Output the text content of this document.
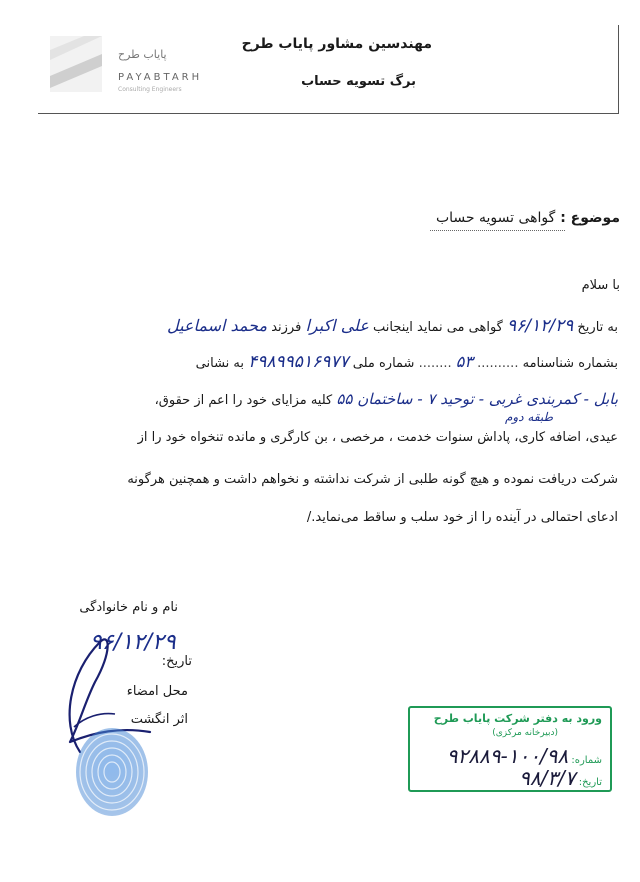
پایاب طرح
PAYABTARH
Consulting Engineers
مهندسین مشاور پایاب طرح
برگ تسویه حساب
موضوع : گواهی تسویه حساب
با سلام
به تاریخ ۹۶/۱۲/۲۹ گواهی می نماید اینجانب علی اکبرا فرزند محمد اسماعیل
بشماره شناسنامه .......... ۵۳ ........ شماره ملی ۴۹۸۹۹۵۱۶۹۷۷ به نشانی
بابل - کمربندی غربی - توحید ۷ - ساختمان ۵۵ کلیه مزایای خود را اعم از حقوق،
طبقه دوم
عیدی، اضافه کاری، پاداش سنوات خدمت ، مرخصی ، بن کارگری و مانده تنخواه خود را از
شرکت دریافت نموده و هیچ گونه طلبی از شرکت نداشته و نخواهم داشت و همچنین هرگونه
ادعای احتمالی در آینده را از خود سلب و ساقط می‌نماید./
نام و نام خانوادگی
تاریخ:
۹۶/۱۲/۲۹
محل امضاء
اثر انگشت	ورود به دفتر شرکت پایاب طرح
(دبیرخانه مرکزی)
شماره: ۱۰۰/۹۸-۹۲۸۸۹
تاریخ: ۹۸/۳/۷
